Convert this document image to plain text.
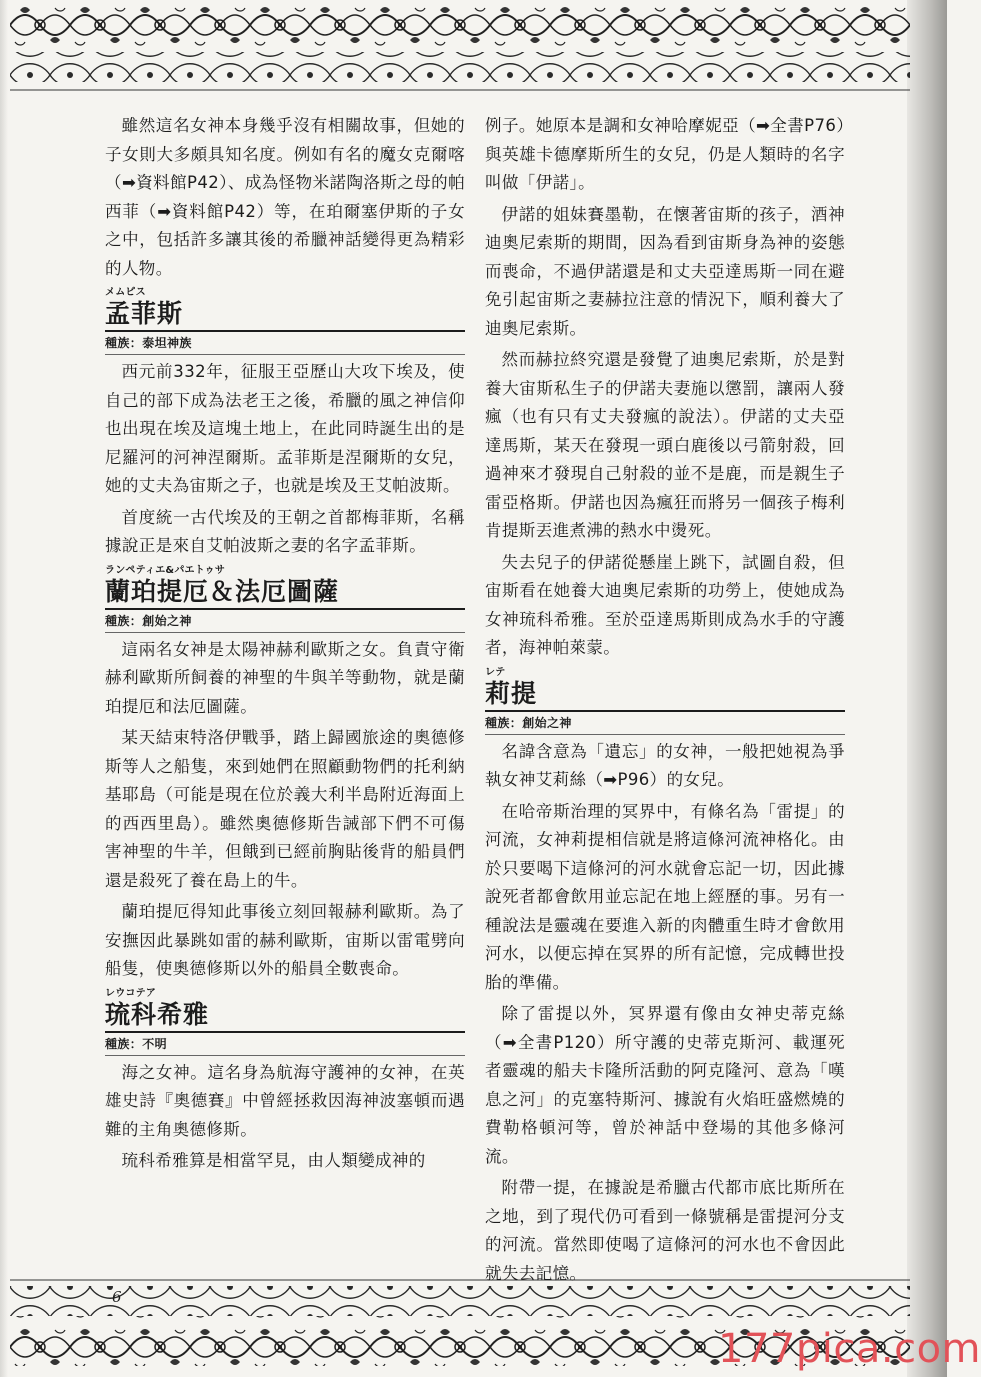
雖然這名女神本身幾乎沒有相關故事，但她的子女則大多頗具知名度。例如有名的魔女克爾喀（➡資料館P42）、成為怪物米諾陶洛斯之母的帕西菲（➡資料館P42）等，在珀爾塞伊斯的子女之中，包括許多讓其後的希臘神話變得更為精彩的人物。

メムピス

孟菲斯

種族：泰坦神族

西元前332年，征服王亞歷山大攻下埃及，使自己的部下成為法老王之後，希臘的風之神信仰也出現在埃及這塊土地上，在此同時誕生出的是尼羅河的河神涅爾斯。孟菲斯是涅爾斯的女兒，她的丈夫為宙斯之子，也就是埃及王艾帕波斯。

首度統一古代埃及的王朝之首都梅菲斯，名稱據說正是來自艾帕波斯之妻的名字孟菲斯。

ランペティエ&パエトゥサ

蘭珀提厄＆法厄圖薩

種族：創始之神

這兩名女神是太陽神赫利歐斯之女。負責守衛赫利歐斯所飼養的神聖的牛與羊等動物，就是蘭珀提厄和法厄圖薩。

某天結束特洛伊戰爭，踏上歸國旅途的奧德修斯等人之船隻，來到她們在照顧動物們的托利納基耶島（可能是現在位於義大利半島附近海面上的西西里島）。雖然奧德修斯告誡部下們不可傷害神聖的牛羊，但餓到已經前胸貼後背的船員們還是殺死了養在島上的牛。

蘭珀提厄得知此事後立刻回報赫利歐斯。為了安撫因此暴跳如雷的赫利歐斯，宙斯以雷電劈向船隻，使奧德修斯以外的船員全數喪命。

レウコテア

琉科希雅

種族：不明

海之女神。這名身為航海守護神的女神，在英雄史詩『奧德賽』中曾經拯救因海神波塞頓而遇難的主角奧德修斯。

琉科希雅算是相當罕見，由人類變成神的

例子。她原本是調和女神哈摩妮亞（➡全書P76）與英雄卡德摩斯所生的女兒，仍是人類時的名字叫做「伊諾」。

伊諾的姐妹賽墨勒，在懷著宙斯的孩子，酒神迪奧尼索斯的期間，因為看到宙斯身為神的姿態而喪命，不過伊諾還是和丈夫亞達馬斯一同在避免引起宙斯之妻赫拉注意的情況下，順利養大了迪奧尼索斯。

然而赫拉終究還是發覺了迪奧尼索斯，於是對養大宙斯私生子的伊諾夫妻施以懲罰，讓兩人發瘋（也有只有丈夫發瘋的說法）。伊諾的丈夫亞達馬斯，某天在發現一頭白鹿後以弓箭射殺，回過神來才發現自己射殺的並不是鹿，而是親生子雷亞格斯。伊諾也因為瘋狂而將另一個孩子梅利肯提斯丟進煮沸的熱水中燙死。

失去兒子的伊諾從懸崖上跳下，試圖自殺，但宙斯看在她養大迪奧尼索斯的功勞上，使她成為女神琉科希雅。至於亞達馬斯則成為水手的守護者，海神帕萊蒙。

レテ

莉提

種族：創始之神

名諱含意為「遺忘」的女神，一般把她視為爭執女神艾莉絲（➡P96）的女兒。

在哈帝斯治理的冥界中，有條名為「雷提」的河流，女神莉提相信就是將這條河流神格化。由於只要喝下這條河的河水就會忘記一切，因此據說死者都會飲用並忘記在地上經歷的事。另有一種說法是靈魂在要進入新的肉體重生時才會飲用河水，以便忘掉在冥界的所有記憶，完成轉世投胎的準備。

除了雷提以外，冥界還有像由女神史蒂克絲（➡全書P120）所守護的史蒂克斯河、載運死者靈魂的船夫卡隆所活動的阿克隆河、意為「嘆息之河」的克塞特斯河、據說有火焰旺盛燃燒的費勒格頓河等，曾於神話中登場的其他多條河流。

附帶一提，在據說是希臘古代都市底比斯所在之地，到了現代仍可看到一條號稱是雷提河分支的河流。當然即使喝了這條河的河水也不會因此就失去記憶。

6
177pica.com
